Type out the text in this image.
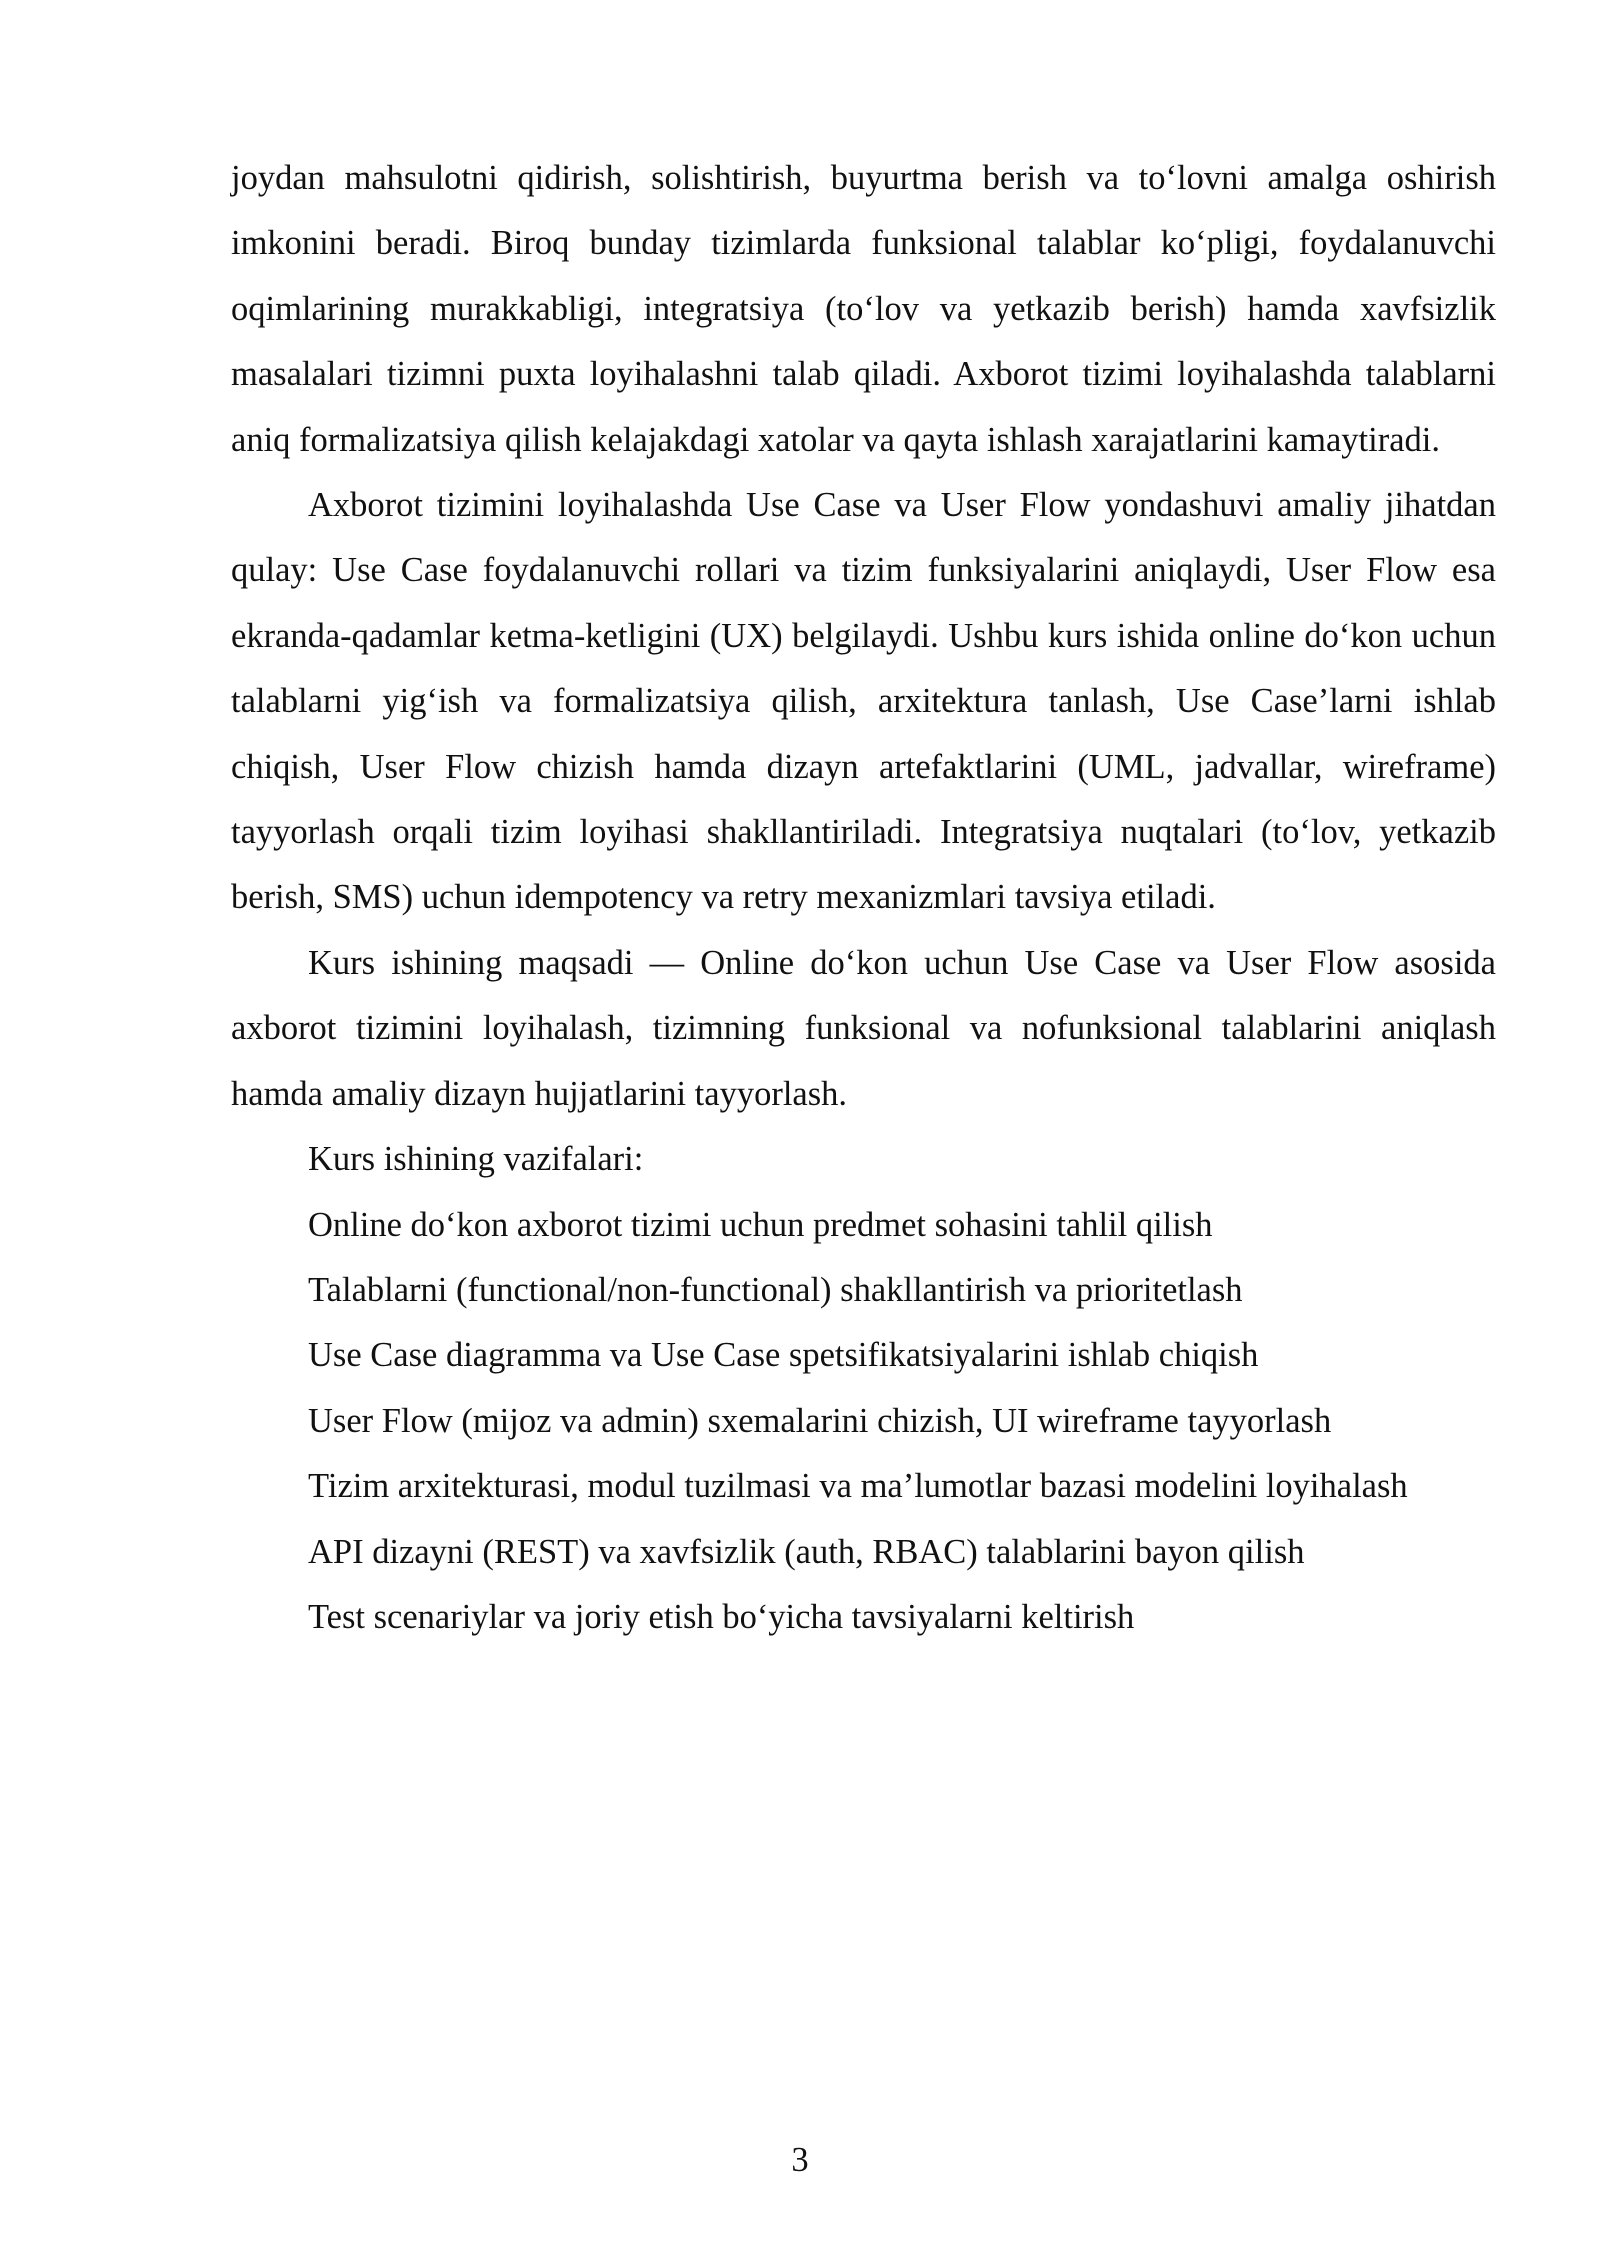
joydan mahsulotni qidirish, solishtirish, buyurtma berish va to‘lovni amalga oshirish imkonini beradi. Biroq bunday tizimlarda funksional talablar ko‘pligi, foydalanuvchi oqimlarining murakkabligi, integratsiya (to‘lov va yetkazib berish) hamda xavfsizlik masalalari tizimni puxta loyihalashni talab qiladi. Axborot tizimi loyihalashda talablarni aniq formalizatsiya qilish kelajakdagi xatolar va qayta ishlash xarajatlarini kamaytiradi.

Axborot tizimini loyihalashda Use Case va User Flow yondashuvi amaliy jihatdan qulay: Use Case foydalanuvchi rollari va tizim funksiyalarini aniqlaydi, User Flow esa ekranda-qadamlar ketma-ketligini (UX) belgilaydi. Ushbu kurs ishida online do‘kon uchun talablarni yig‘ish va formalizatsiya qilish, arxitektura tanlash, Use Case’larni ishlab chiqish, User Flow chizish hamda dizayn artefaktlarini (UML, jadvallar, wireframe) tayyorlash orqali tizim loyihasi shakllantiriladi. Integratsiya nuqtalari (to‘lov, yetkazib berish, SMS) uchun idempotency va retry mexanizmlari tavsiya etiladi.

Kurs ishining maqsadi — Online do‘kon uchun Use Case va User Flow asosida axborot tizimini loyihalash, tizimning funksional va nofunksional talablarini aniqlash hamda amaliy dizayn hujjatlarini tayyorlash.

Kurs ishining vazifalari:

Online do‘kon axborot tizimi uchun predmet sohasini tahlil qilish

Talablarni (functional/non-functional) shakllantirish va prioritetlash

Use Case diagramma va Use Case spetsifikatsiyalarini ishlab chiqish

User Flow (mijoz va admin) sxemalarini chizish, UI wireframe tayyorlash

Tizim arxitekturasi, modul tuzilmasi va ma’lumotlar bazasi modelini loyihalash

API dizayni (REST) va xavfsizlik (auth, RBAC) talablarini bayon qilish

Test scenariylar va joriy etish bo‘yicha tavsiyalarni keltirish

3
